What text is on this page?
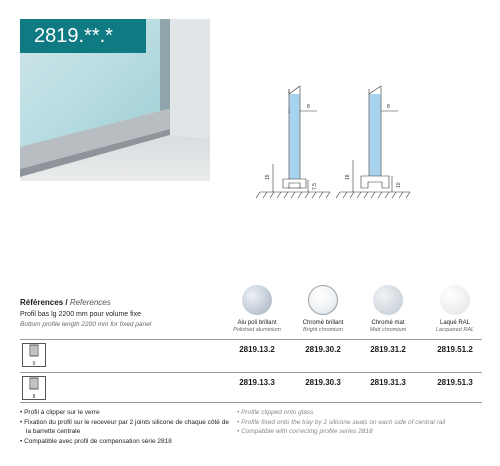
2819.**.*
8
15
7,5
8
18
10
Références / References
Profil bas lg 2200 mm pour volume fixe
Bottom profile length 2200 mm for fixed panel	Alu poli brillant
Polished aluminium
Chromé brillant
Bright chromium
Chromé mat
Matt chromium
Laqué RAL
Lacquered RAL
6
2819.13.2	2819.30.2	2819.31.2	2819.51.2
8
2819.13.3	2819.30.3	2819.31.3	2819.51.3
• Profil à clipper sur le verre
• Fixation du profil sur le receveur par 2 joints silicone de chaque côté de la barrette centrale
• Compatible avec profil de compensation série 2818
• Profile clipped onto glass
• Profile fixed onto the tray by 2 silicone seals on each side of central rail
• Compatible with correcting profile series 2818
